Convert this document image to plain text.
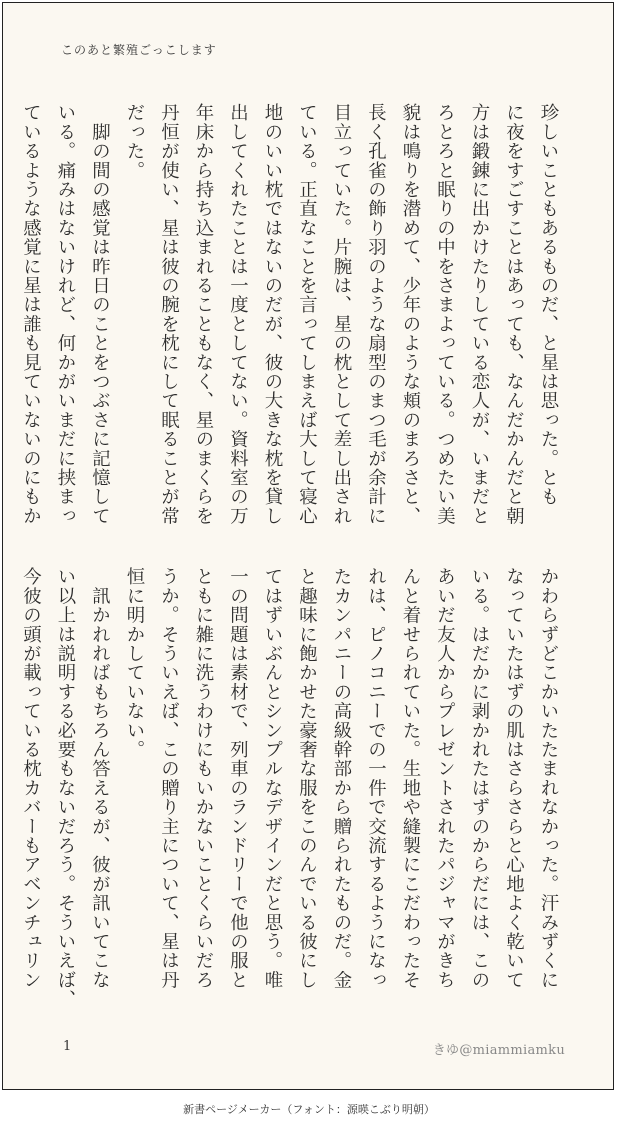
このあと繁殖ごっこします

珍しいこともあるものだ、と星は思った。とも

に夜をすごすことはあっても、なんだかんだと朝

方は鍛錬に出かけたりしている恋人が、いまだと

ろとろと眠りの中をさまよっている。つめたい美

貌は鳴りを潜めて、少年のような頬のまろさと、

長く孔雀の飾り羽のような扇型のまつ毛が余計に

目立っていた。片腕は、星の枕として差し出され

ている。正直なことを言ってしまえば大して寝心

地のいい枕ではないのだが、彼の大きな枕を貸し

出してくれたことは一度としてない。資料室の万

年床から持ち込まれることもなく、星のまくらを

丹恒が使い、星は彼の腕を枕にして眠ることが常

だった。

　脚の間の感覚は昨日のことをつぶさに記憶して

いる。痛みはないけれど、何かがいまだに挟まっ

ているような感覚に星は誰も見ていないのにもか

かわらずどこかいたたまれなかった。汗みずくに

なっていたはずの肌はさらさらと心地よく乾いて

いる。はだかに剥かれたはずのからだには、この

あいだ友人からプレゼントされたパジャマがきち

んと着せられていた。生地や縫製にこだわったそ

れは、ピノコニーでの一件で交流するようになっ

たカンパニーの高級幹部から贈られたものだ。金

と趣味に飽かせた豪奢な服をこのんでいる彼にし

てはずいぶんとシンプルなデザインだと思う。唯

一の問題は素材で、列車のランドリーで他の服と

ともに雑に洗うわけにもいかないことくらいだろ

うか。そういえば、この贈り主について、星は丹

恒に明かしていない。

　訊かれればもちろん答えるが、彼が訊いてこな

い以上は説明する必要もないだろう。そういえば、

今彼の頭が載っている枕カバーもアベンチュリン

1	きゆ@miammiamku
新書ページメーカー（フォント：源暎こぶり明朝）
